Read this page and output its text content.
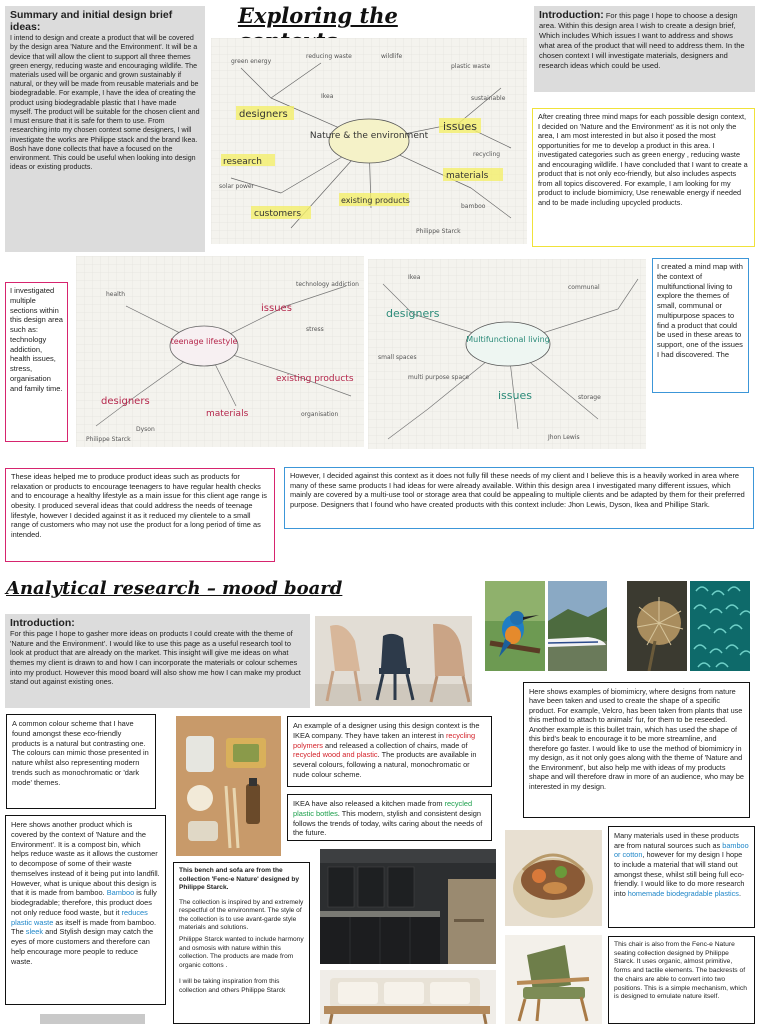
Exploring the
Summary and initial design brief ideas:
I intend to design and create a product that will be covered by the design area 'Nature and the Environment'. It will be a device that will allow the client to support all three themes green energy, reducing waste and encouraging wildlife. The materials used will be organic and grown sustainably if natural, or they will be made from reusable materials and be biodegradable. For example, I have the idea of creating the product using biodegradable plastic that I have made myself. The product will be suitable for the chosen client and I must ensure that it is safe for them to use. From researching into my chosen context some designers, I will investigate the works are Philippe stack and the brand Ikea. Bosh have done collects that have a focused on the environment. This could be useful when looking into design ideas or existing products.
Nature & the environment
designers
issues
research
materials
customers
existing products
green energy
reducing waste	wildlife
plastic waste
sustainable
recycling
solar power
bamboo
Ikea
Philippe Starck
Introduction: For this page I hope to choose a design area. Within this design area I wish to create a design brief, Which includes Which issues I want to address and shows what area of the product that will need to address them. In the chosen context I will investigate materials, designers and research ideas which could be used.
After creating three mind maps for each possible design context, I decided on 'Nature and the Environment' as it is not only the area, I am most interested in but also it posed the most opportunities for me to develop a product in this area. I investigated categories such as green energy , reducing waste and encouraging wildlife. I have concluded that I want to create a product that is not only eco-friendly, but also includes aspects from all topics discovered. For example, I am looking for my product to include biomimicry, Use renewable energy if needed and to be made including upcycled products.
I investigated multiple sections within this design area such as: technology addiction, health issues, stress, organisation and family time.
teenage lifestyle
issues
designers
existing products
materials
technology addiction
stress
health
Dyson
Philippe Starck
organisation
Multifunctional living
designers
issues
small spaces
communal
multi purpose space
Ikea
storage
Jhon Lewis
I created a mind map with the context of multifunctional living to explore the themes of small, communal or multipurpose spaces to find a product that could be used in these areas to support, one of the issues I had discovered. The
These ideas helped me to produce product ideas such as products for relaxation or products to encourage teenagers to have regular health checks and to encourage a healthy lifestyle as a main issue for this client age range is obesity. I produced several ideas that could address the needs of teenage lifestyle, however I decided against it as it reduced my clientele to a small range of customers who may not use the product for a long period of time as intended.
However, I decided against this context as it does not fully fill these needs of my client and I believe this is a heavily worked in area where many of these same products I had ideas for were already available. Within this design area I investigated many different issues, which mainly are covered by a multi-use tool or storage area that could be appealing to multiple clients and be adapted by them for their preferred purpose. Designers that I found who have created products with this context include: Jhon Lewis, Dyson, Ikea and Phillipe Stark.
Analytical research – mood board
Introduction:
For this page I hope to gasher more ideas on products I could create with the theme of 'Nature and the Environment'. I would like to use this page as a useful research tool to look at product that are already on the market. This insight will give me ideas on what themes my client is drawn to and how I can incorporate the materials or colour schemes into my product. However this mood board will also show me how I can make my product stand out against existing ones.
Here shows examples of biomimicry, where designs from nature have been taken and used to create the shape of a specific product. For example, Velcro, has been taken from plants that use this method to attach to animals' fur, for them to be reseeded. Another example is this bullet train, which has used the shape of this bird's beak to encourage it to be more streamline, and therefore go faster. I would like to use the method of biomimicry in my design, as it not only goes along with the theme of 'Nature and the Environment', but also help me with ideas of my products shape and will therefore draw in more of an audience, who may be interested in my design.
A common colour scheme that I have found amongst these eco-friendly products is a natural but contrasting one. The colours can mimic those presented in nature whilst also representing modern trends such as monochromatic or 'dark mode' themes.
An example of a designer using this design context is the IKEA company. They have taken an interest in recycling polymers and released a collection of chairs, made of recycled wood and plastic. The products are available in several colours, following a natural, monochromatic or nude colour scheme.
IKEA have also released a kitchen made from recycled plastic bottles. This modern, stylish and consistent design follows the trends of today, wilts caring about the needs of the future.
Here shows another product which is covered by the context of 'Nature and the Environment'. It is a compost bin, which helps reduce waste as it allows the customer to decompose of some of their waste themselves instead of it being put into landfill. However, what is unique about this design is that it is made from bamboo. Bamboo is fully biodegradable; therefore, this product does not only reduce food waste, but it reduces plastic waste as itself is made from bamboo. The sleek and Stylish design may catch the eyes of more customers and therefore can help encourage more people to reduce waste.
This bench and sofa are from the collection 'Fenc-e Nature' designed by Philippe Starck.
The collection is inspired by and extremely respectful of the environment. The style of the collection is to use avant-garde style materials and solutions.
Philippe Starck wanted to include harmony and osmosis with nature within this collection. The products are made from organic cottons .
I will be taking inspiration from this collection and others Philippe Starck
Many materials used in these products are from natural sources such as bamboo or cotton, however for my design I hope to include a material that will stand out amongst these, whilst still being full eco-friendly. I would like to do more research into homemade biodegradable plastics.
This chair is also from the Fenc-e Nature seating collection designed by Philippe Starck. It uses organic, almost primitive, forms and tactile elements. The backrests of the chairs are able to convert into two positions. This is a simple mechanism, which is designed to emulate nature itself.
